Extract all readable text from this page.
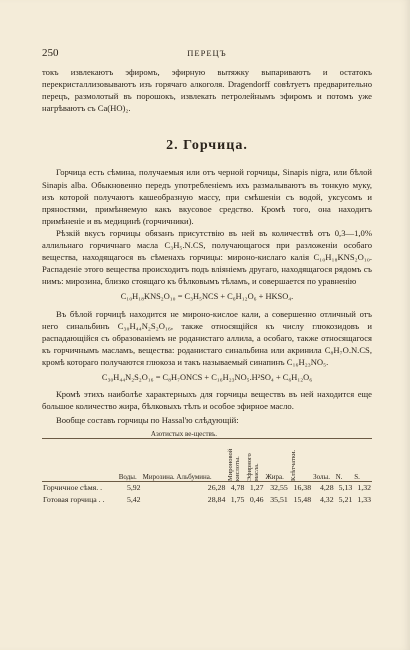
250	ПЕРЕЦЪ

токъ извлекаютъ эфиромъ, эфирную вытяжку выпариваютъ и остатокъ перекристаллизовываютъ изъ горячаго алкоголя. Dragendorff совѣтуетъ предварительно перецъ, размолотый въ порошокъ, извлекать петролейнымъ эфиромъ и потомъ уже нагрѣваютъ съ Ca(HO)₂.

2. Горчица.

Горчица есть сѣмина, получаемыя или отъ черной горчицы, Sinapis nigra, или бѣлой Sinapis alba. Обыкновенно передъ употребленіемъ ихъ размалываютъ въ тонкую муку, изъ которой получаютъ кашеобразную массу, при смѣшеніи съ водой, уксусомъ и пряностями, примѣняемую какъ вкусовое средство. Кромѣ того, она находитъ примѣненіе и въ медицинѣ (горчичники).

Рѣзкій вкусъ горчицы обязанъ присутствію въ ней въ количествѣ отъ 0,3—1,0% аллильнаго горчичнаго масла C₃H₅.N.CS, получающагося при разложеніи особаго вещества, находящагося въ сѣменахъ горчицы: мироно-кислаго калія C₁₀H₁₈KNS₂O₁₀. Распаденіе этого вещества происходитъ подъ вліяніемъ другаго, находящагося рядомъ съ нимъ: мирозина, близко стоящаго къ бѣлковымъ тѣламъ, и совершается по уравненію

C₁₀H₁₈KNS₂O₁₀ = C₃H₅NCS + C₆H₁₂O₆ + HKSO₄.

Въ бѣлой горчицѣ находится не мироно-кислое кали, а совершенно отличный отъ него синальбинъ C₃₀H₄₄N₂S₂O₁₆, также относящійся къ числу глюкозидовъ и распадающійся съ образованіемъ не роданистаго аллила, а особаго, также относящагося къ горчичнымъ масламъ, вещества: роданистаго синальбина или акринила C₈H₇O.N.CS, кромѣ котораго получаются глюкоза и такъ называемый синапинъ C₁₆H₂₃NO₅.

C₃₀H₄₄N₂S₂O₁₆ = C₈H₇ONCS + C₁₆H₂₃NO₅.H²SO₄ + C₆H₁₂O₆

Кромѣ этихъ наиболѣе характерныхъ для горчицы веществъ въ ней находится еще большое количество жира, бѣлковыхъ тѣлъ и особое эфирное масло.

Вообще составъ горчицы по Hassal'ю слѣдующій:

		Азотистых ве-ществъ.							
	Воды.	Мирозина. Альбумина.	Мироновой кислоты.	Эфирного масла.	Жира.	Клѣтчатки.	Золы.	N.	S.
Горчичное сѣмя. .	5,92	26,28	4,78	1,27	32,55	16,38	4,28	5,13	1,32
Готовая горчица . .	5,42	28,84	1,75	0,46	35,51	15,48	4,32	5,21	1,33
